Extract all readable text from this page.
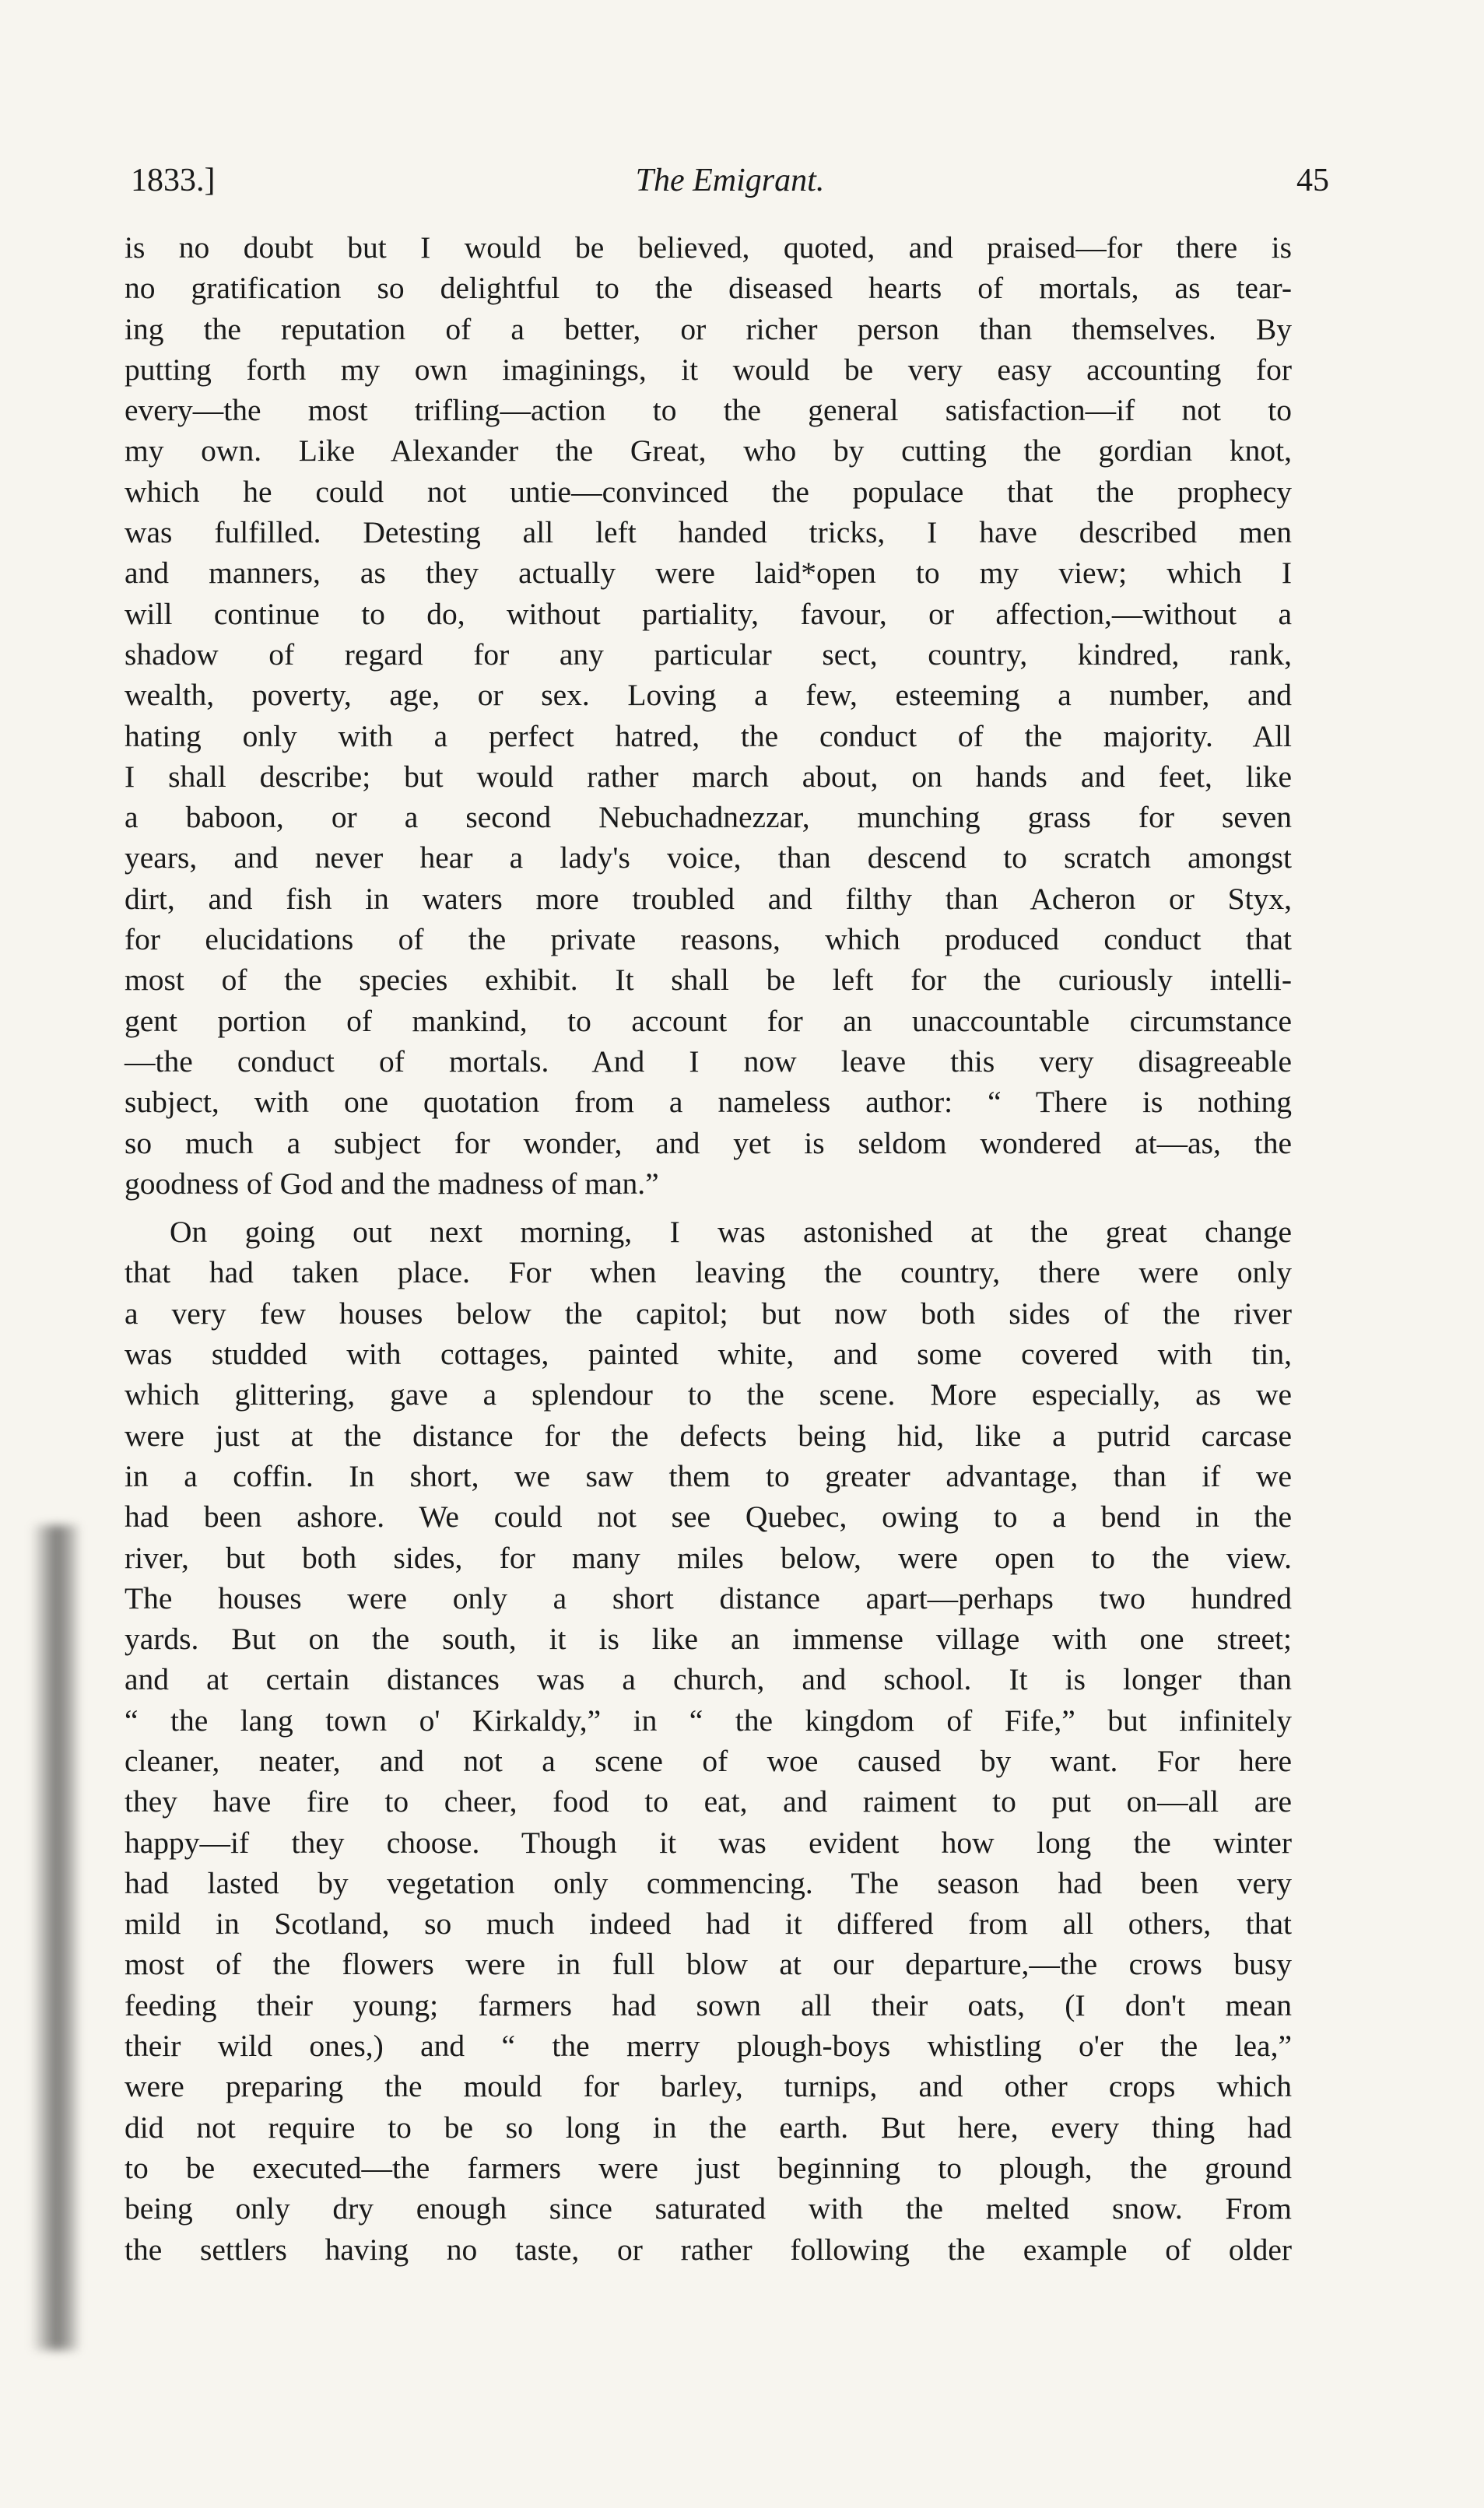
1833.]	The Emigrant.	45
is no doubt but I would be believed, quoted, and praised—for there is
no gratification so delightful to the diseased hearts of mortals, as tear-
ing the reputation of a better, or richer person than themselves. By
putting forth my own imaginings, it would be very easy accounting for
every—the most trifling—action to the general satisfaction—if not to
my own. Like Alexander the Great, who by cutting the gordian knot,
which he could not untie—convinced the populace that the prophecy
was fulfilled. Detesting all left handed tricks, I have described men
and manners, as they actually were laid*open to my view; which I
will continue to do, without partiality, favour, or affection,—without a
shadow of regard for any particular sect, country, kindred, rank,
wealth, poverty, age, or sex. Loving a few, esteeming a number, and
hating only with a perfect hatred, the conduct of the majority. All
I shall describe; but would rather march about, on hands and feet, like
a baboon, or a second Nebuchadnezzar, munching grass for seven
years, and never hear a lady's voice, than descend to scratch amongst
dirt, and fish in waters more troubled and filthy than Acheron or Styx,
for elucidations of the private reasons, which produced conduct that
most of the species exhibit. It shall be left for the curiously intelli-
gent portion of mankind, to account for an unaccountable circumstance
—the conduct of mortals. And I now leave this very disagreeable
subject, with one quotation from a nameless author: “ There is nothing
so much a subject for wonder, and yet is seldom wondered at—as, the
goodness of God and the madness of man.”
On going out next morning, I was astonished at the great change
that had taken place. For when leaving the country, there were only
a very few houses below the capitol; but now both sides of the river
was studded with cottages, painted white, and some covered with tin,
which glittering, gave a splendour to the scene. More especially, as we
were just at the distance for the defects being hid, like a putrid carcase
in a coffin. In short, we saw them to greater advantage, than if we
had been ashore. We could not see Quebec, owing to a bend in the
river, but both sides, for many miles below, were open to the view.
The houses were only a short distance apart—perhaps two hundred
yards. But on the south, it is like an immense village with one street;
and at certain distances was a church, and school. It is longer than
“ the lang town o' Kirkaldy,” in “ the kingdom of Fife,” but infinitely
cleaner, neater, and not a scene of woe caused by want. For here
they have fire to cheer, food to eat, and raiment to put on—all are
happy—if they choose. Though it was evident how long the winter
had lasted by vegetation only commencing. The season had been very
mild in Scotland, so much indeed had it differed from all others, that
most of the flowers were in full blow at our departure,—the crows busy
feeding their young; farmers had sown all their oats, (I don't mean
their wild ones,) and “ the merry plough-boys whistling o'er the lea,”
were preparing the mould for barley, turnips, and other crops which
did not require to be so long in the earth. But here, every thing had
to be executed—the farmers were just beginning to plough, the ground
being only dry enough since saturated with the melted snow. From
the settlers having no taste, or rather following the example of older
